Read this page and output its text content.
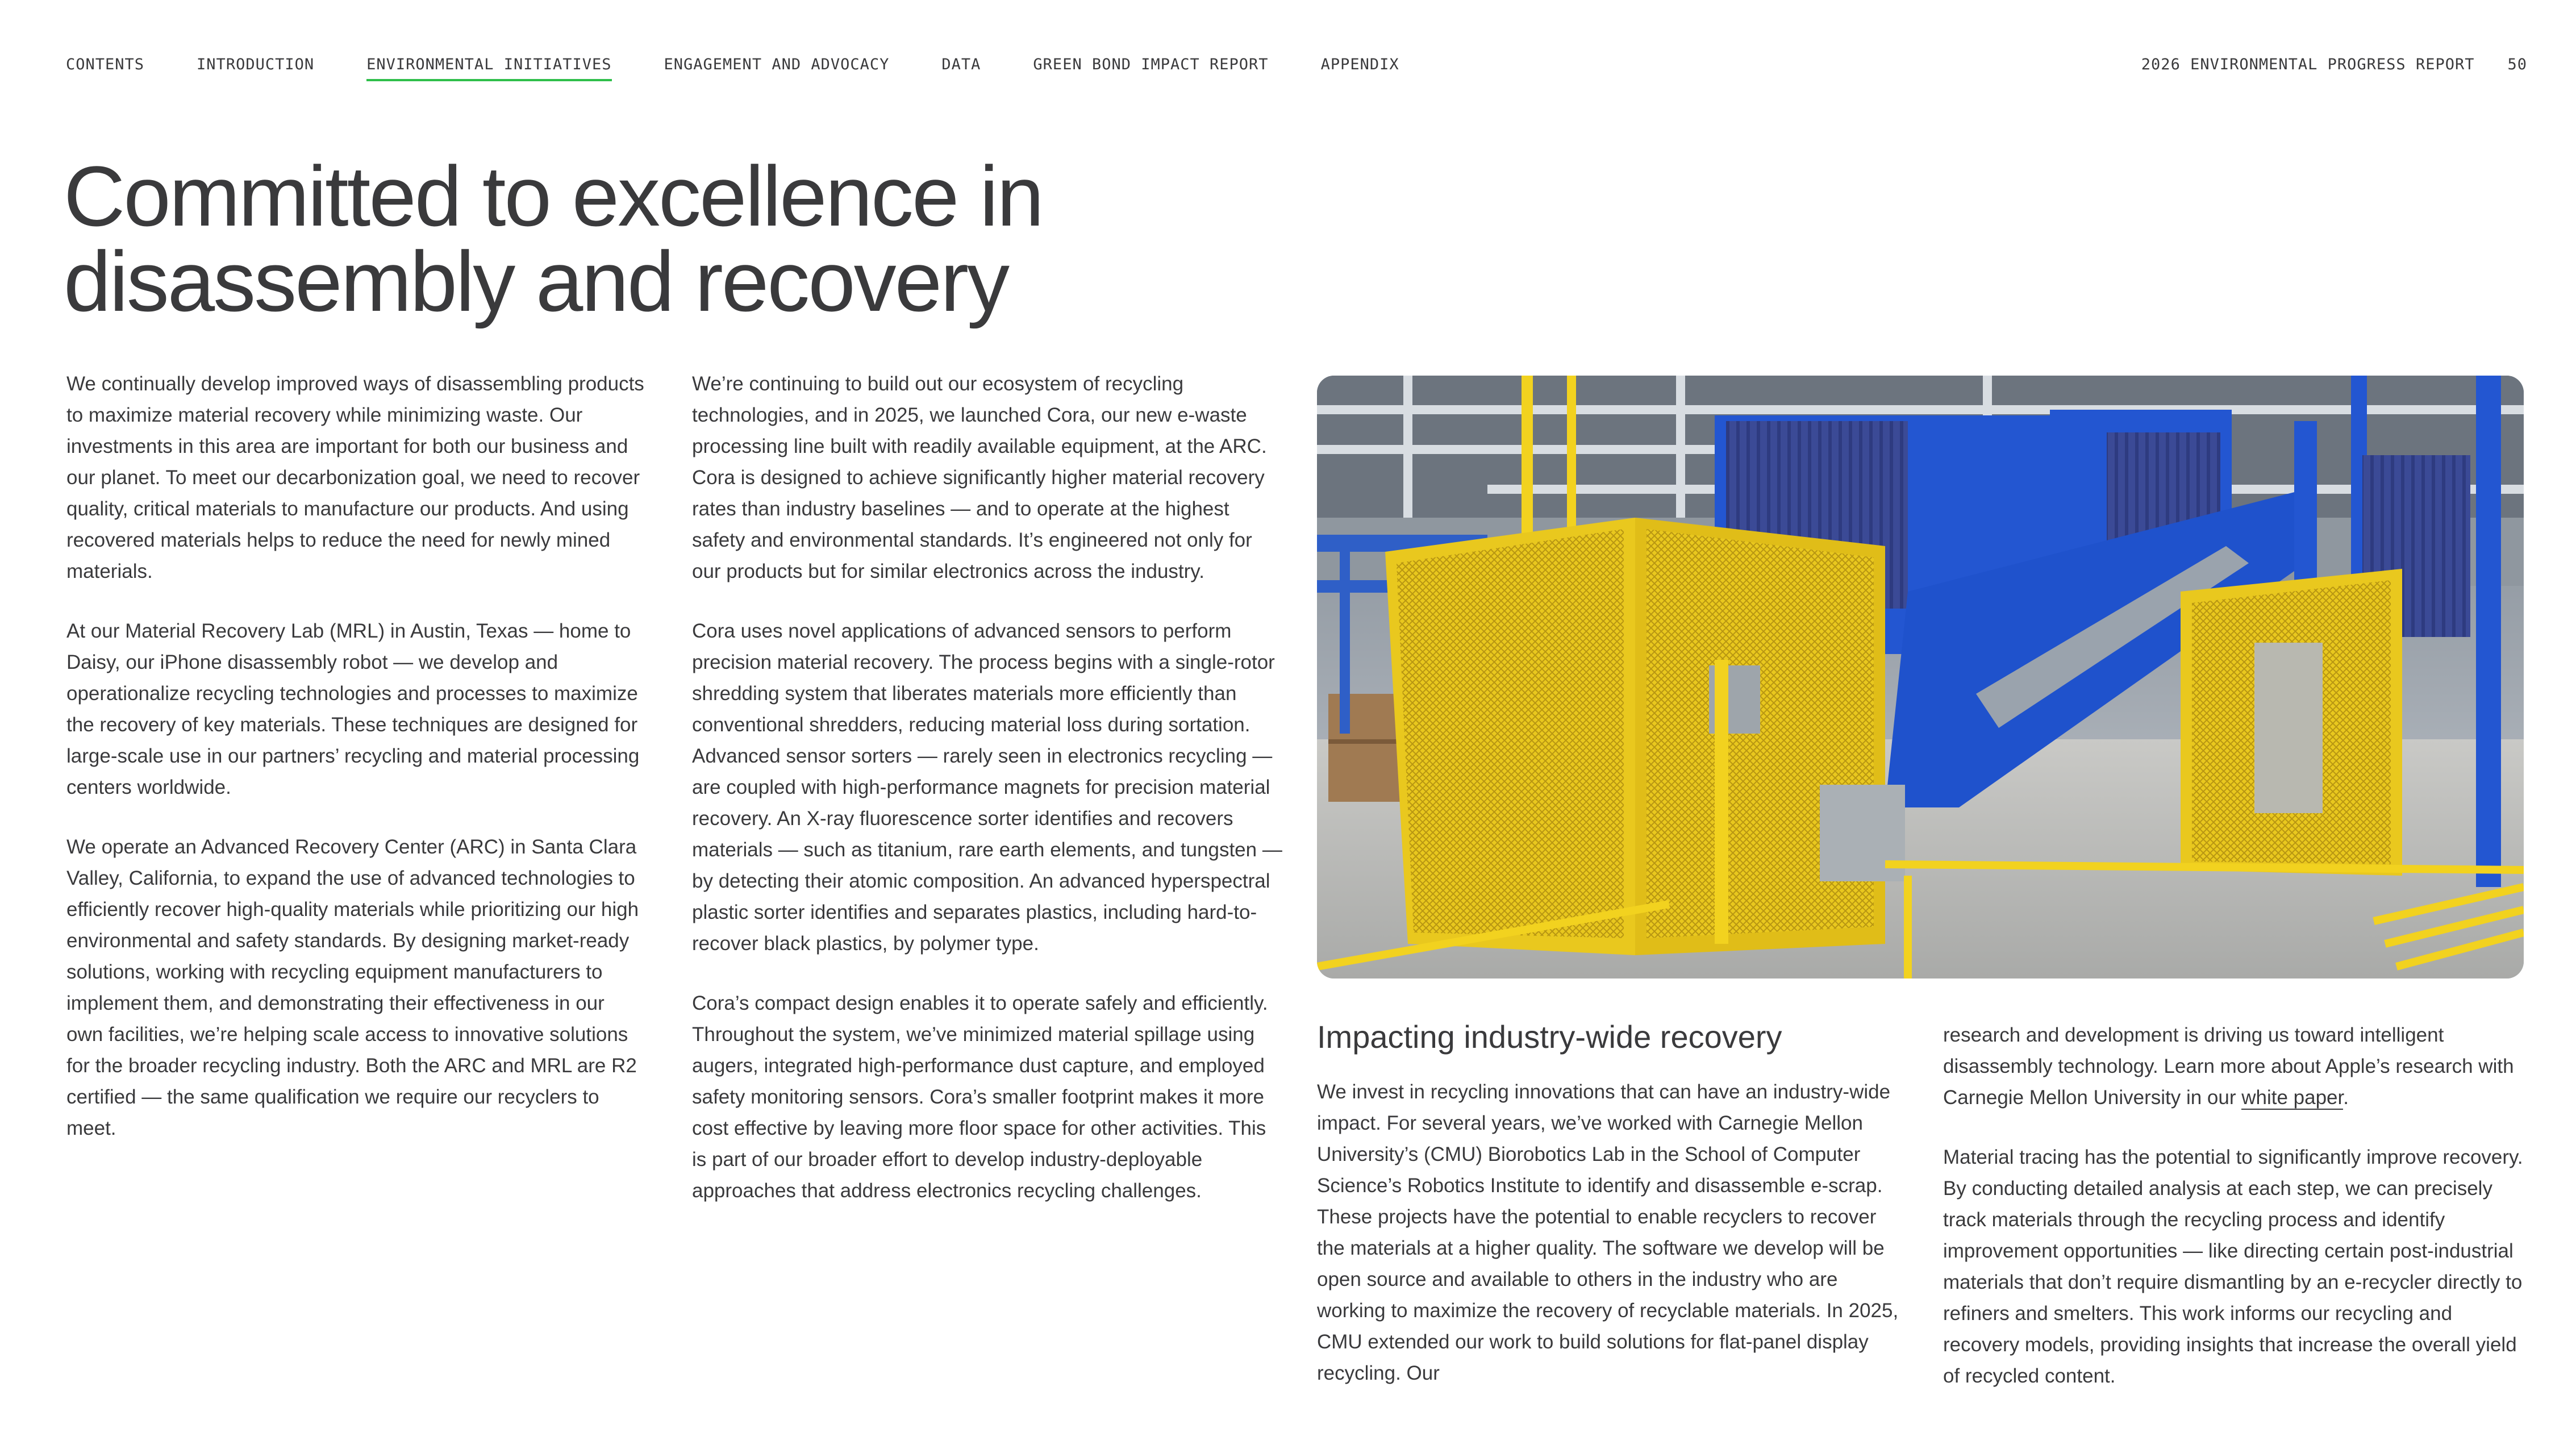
CONTENTS	INTRODUCTION	ENVIRONMENTAL INITIATIVES	ENGAGEMENT AND ADVOCACY	DATA	GREEN BOND IMPACT REPORT	APPENDIX	2026 ENVIRONMENTAL PROGRESS REPORT 50
Committed to excellence in
disassembly and recovery

We continually develop improved ways of disassembling products to maximize material recovery while minimizing waste. Our investments in this area are important for both our business and our planet. To meet our decarbonization goal, we need to recover quality, critical materials to manufacture our products. And using recovered materials helps to reduce the need for newly mined materials.

At our Material Recovery Lab (MRL) in Austin, Texas — home to Daisy, our iPhone disassembly robot — we develop and operationalize recycling technologies and processes to maximize the recovery of key materials. These techniques are designed for large-scale use in our partners’ recycling and material processing centers worldwide.

We operate an Advanced Recovery Center (ARC) in Santa Clara Valley, California, to expand the use of advanced technologies to efficiently recover high-quality materials while prioritizing our high environmental and safety standards. By designing market-ready solutions, working with recycling equipment manufacturers to implement them, and demonstrating their effectiveness in our own facilities, we’re helping scale access to innovative solutions for the broader recycling industry. Both the ARC and MRL are R2 certified — the same qualification we require our recyclers to meet.

We’re continuing to build out our ecosystem of recycling technologies, and in 2025, we launched Cora, our new e-waste processing line built with readily available equipment, at the ARC. Cora is designed to achieve significantly higher material recovery rates than industry baselines — and to operate at the highest safety and environmental standards. It’s engineered not only for our products but for similar electronics across the industry.

Cora uses novel applications of advanced sensors to perform precision material recovery. The process begins with a single-rotor shredding system that liberates materials more efficiently than conventional shredders, reducing material loss during sortation. Advanced sensor sorters — rarely seen in electronics recycling — are coupled with high-performance magnets for precision material recovery. An X-ray fluorescence sorter identifies and recovers materials — such as titanium, rare earth elements, and tungsten — by detecting their atomic composition. An advanced hyperspectral plastic sorter identifies and separates plastics, including hard-to-recover black plastics, by polymer type.

Cora’s compact design enables it to operate safely and efficiently. Throughout the system, we’ve minimized material spillage using augers, integrated high-performance dust capture, and employed safety monitoring sensors. Cora’s smaller footprint makes it more cost effective by leaving more floor space for other activities. This is part of our broader effort to develop industry-deployable approaches that address electronics recycling challenges.

Impacting industry-wide recovery

We invest in recycling innovations that can have an industry-wide impact. For several years, we’ve worked with Carnegie Mellon University’s (CMU) Biorobotics Lab in the School of Computer Science’s Robotics Institute to identify and disassemble e-scrap. These projects have the potential to enable recyclers to recover the materials at a higher quality. The software we develop will be open source and available to others in the industry who are working to maximize the recovery of recyclable materials. In 2025, CMU extended our work to build solutions for flat-panel display recycling. Our

research and development is driving us toward intelligent disassembly technology. Learn more about Apple’s research with Carnegie Mellon University in our white paper.

Material tracing has the potential to significantly improve recovery. By conducting detailed analysis at each step, we can precisely track materials through the recycling process and identify improvement opportunities — like directing certain post-industrial materials that don’t require dismantling by an e-recycler directly to refiners and smelters. This work informs our recycling and recovery models, providing insights that increase the overall yield of recycled content.
